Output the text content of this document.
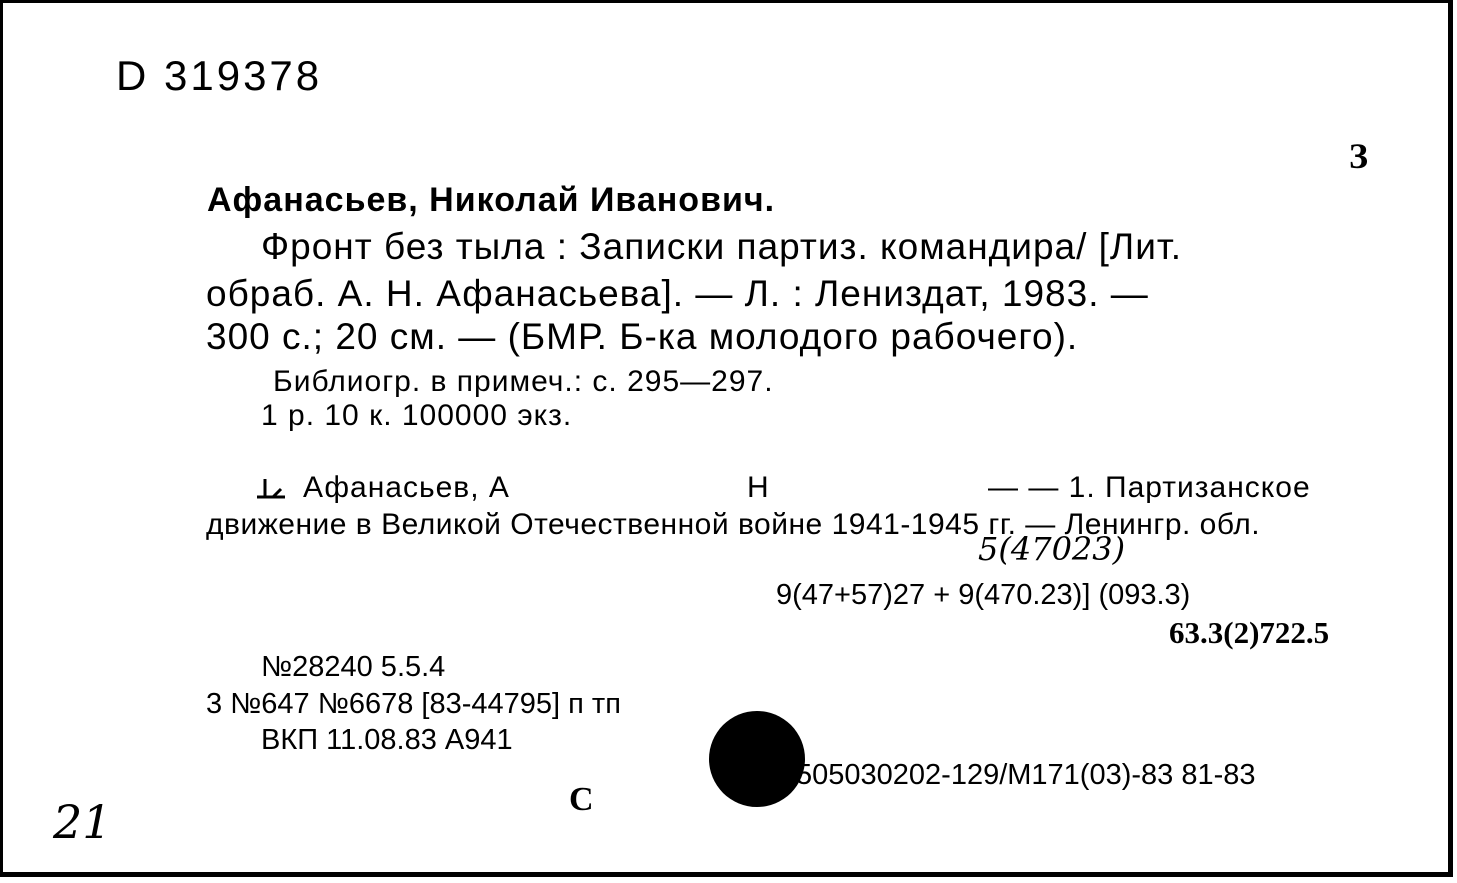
D 319378
З
Афанасьев, Николай Иванович.
Фронт без тыла : Записки партиз. командира/ [Лит.
обраб. А. Н. Афанасьева]. — Л. : Лениздат, 1983. —
300 с.; 20 см. — (БМР. Б-ка молодого рабочего).
Библиогр. в примеч.: с. 295—297.
1 р. 10 к. 100000 экз.
Афанасьев, А	Н	— — 1. Партизанское
движение в Великой Отечественной войне 1941-1945 гг. — Ленингр. обл.
5(47023)
9(47+57)27 + 9(470.23)] (093.3)
63.3(2)722.5
№28240 5.5.4
3 №647 №6678 [83-44795] п тп
ВКП 11.08.83 А941
505030202-129/М171(03)-83 81-83
С
21
